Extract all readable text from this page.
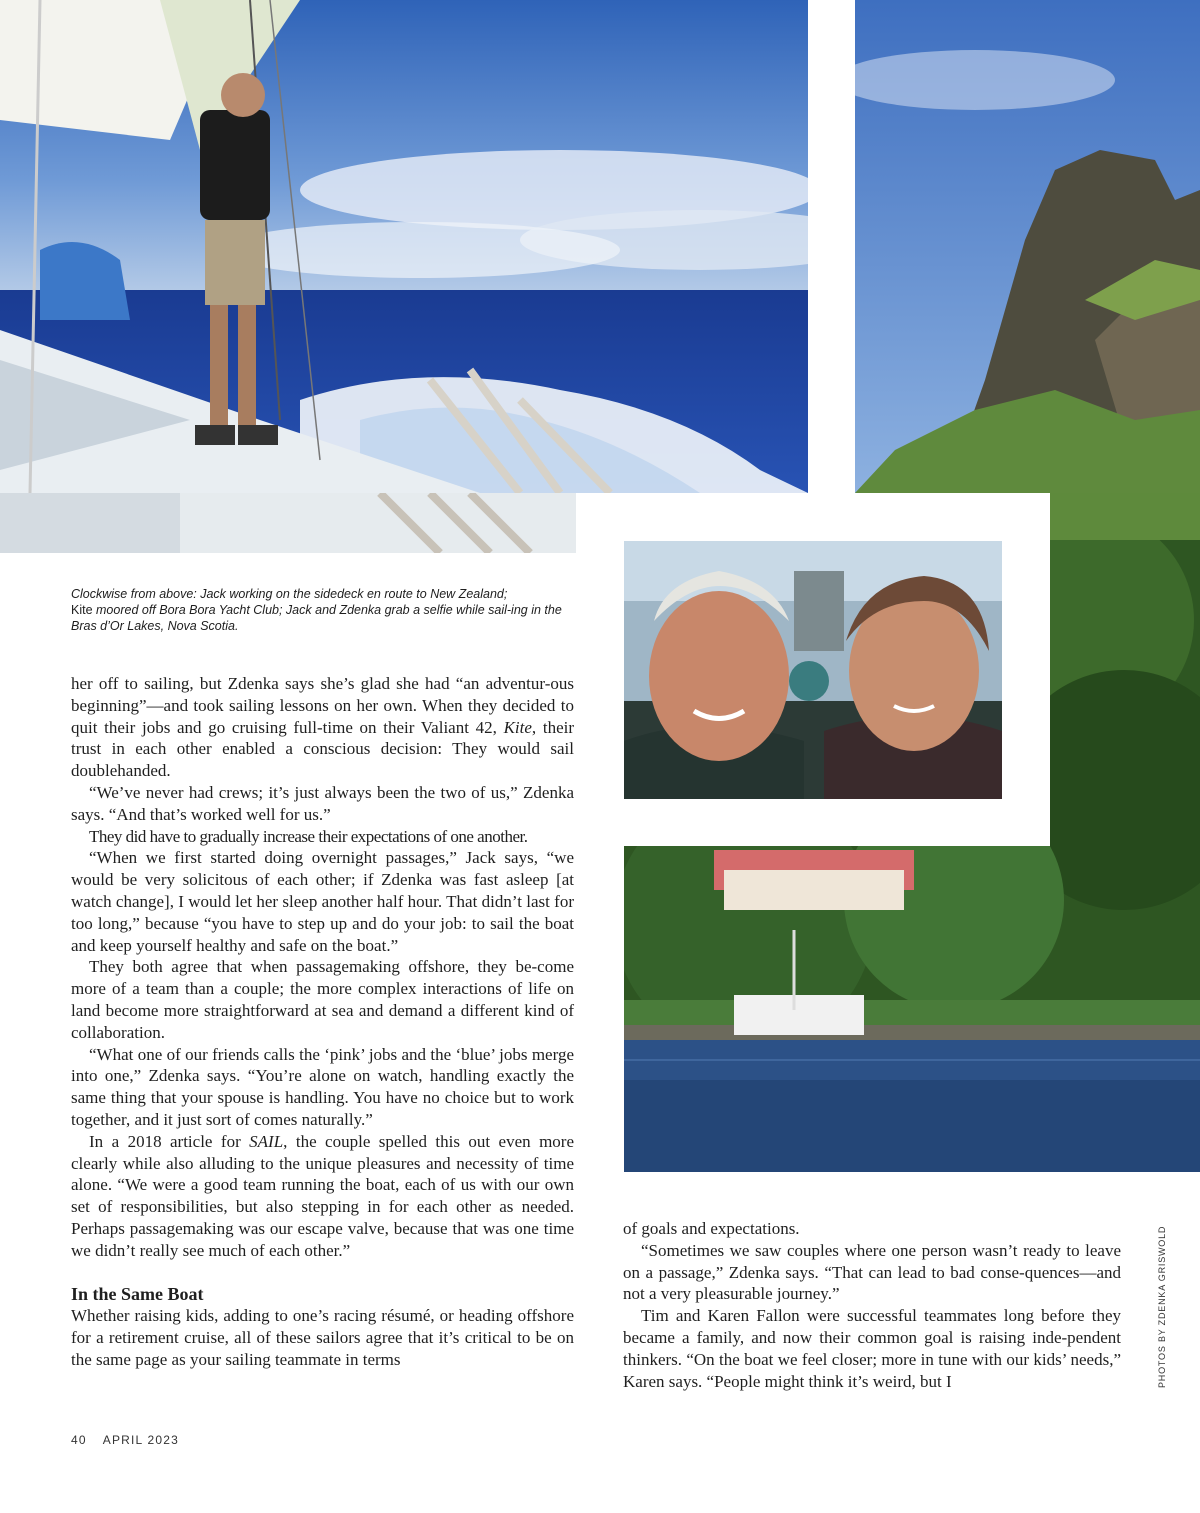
Clockwise from above: Jack working on the sidedeck en route to New Zealand;
Kite moored off Bora Bora Yacht Club; Jack and Zdenka grab a selfie while sail-ing in the Bras d’Or Lakes, Nova Scotia.

her off to sailing, but Zdenka says she’s glad she had “an adventur-ous beginning”—and took sailing lessons on her own. When they decided to quit their jobs and go cruising full-time on their Valiant 42, Kite, their trust in each other enabled a conscious decision: They would sail doublehanded.

“We’ve never had crews; it’s just always been the two of us,” Zdenka says. “And that’s worked well for us.”

They did have to gradually increase their expectations of one another.

“When we first started doing overnight passages,” Jack says, “we would be very solicitous of each other; if Zdenka was fast asleep [at watch change], I would let her sleep another half hour. That didn’t last for too long,” because “you have to step up and do your job: to sail the boat and keep yourself healthy and safe on the boat.”

They both agree that when passagemaking offshore, they be-come more of a team than a couple; the more complex interactions of life on land become more straightforward at sea and demand a different kind of collaboration.

“What one of our friends calls the ‘pink’ jobs and the ‘blue’ jobs merge into one,” Zdenka says. “You’re alone on watch, handling exactly the same thing that your spouse is handling. You have no choice but to work together, and it just sort of comes naturally.”

In a 2018 article for SAIL, the couple spelled this out even more clearly while also alluding to the unique pleasures and necessity of time alone. “We were a good team running the boat, each of us with our own set of responsibilities, but also stepping in for each other as needed. Perhaps passagemaking was our escape valve, because that was one time we didn’t really see much of each other.”

In the Same Boat

Whether raising kids, adding to one’s racing résumé, or heading offshore for a retirement cruise, all of these sailors agree that it’s critical to be on the same page as your sailing teammate in terms

of goals and expectations.

“Sometimes we saw couples where one person wasn’t ready to leave on a passage,” Zdenka says. “That can lead to bad conse-quences—and not a very pleasurable journey.”

Tim and Karen Fallon were successful teammates long before they became a family, and now their common goal is raising inde-pendent thinkers. “On the boat we feel closer; more in tune with our kids’ needs,” Karen says. “People might think it’s weird, but I

40 APRIL 2023
PHOTOS BY ZDENKA GRISWOLD
